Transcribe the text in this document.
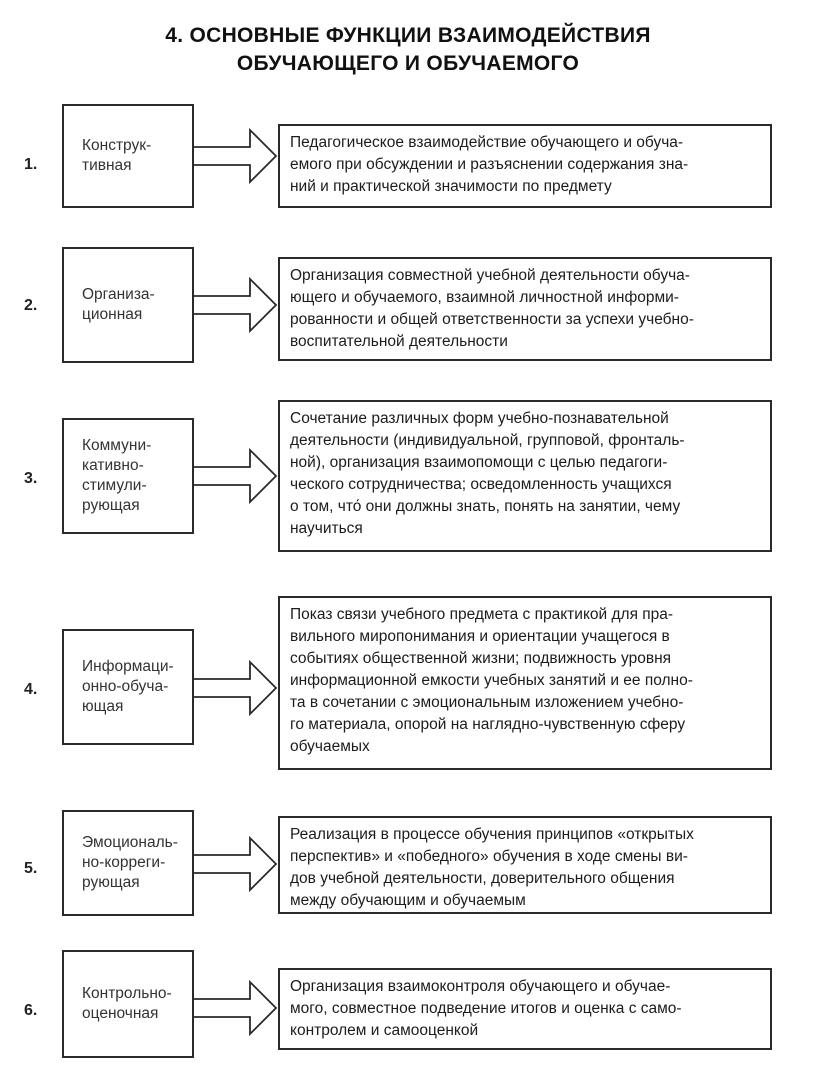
4. ОСНОВНЫЕ ФУНКЦИИ ВЗАИМОДЕЙСТВИЯ
ОБУЧАЮЩЕГО И ОБУЧАЕМОГО
1.
Конструк-
тивная
Педагогическое взаимодействие обучающего и обуча-
емого при обсуждении и разъяснении содержания зна-
ний и практической значимости по предмету
2.
Организа-
ционная
Организация совместной учебной деятельности обуча-
ющего и обучаемого, взаимной личностной информи-
рованности и общей ответственности за успехи учебно-
воспитательной деятельности
3.
Коммуни-
кативно-
стимули-
рующая
Сочетание различных форм учебно-познавательной
деятельности (индивидуальной, групповой, фронталь-
ной), организация взаимопомощи с целью педагоги-
ческого сотрудничества; осведомленность учащихся
о том, что́ они должны знать, понять на занятии, чему
научиться
4.
Информаци-
онно-обуча-
ющая
Показ связи учебного предмета с практикой для пра-
вильного миропонимания и ориентации учащегося в
событиях общественной жизни; подвижность уровня
информационной емкости учебных занятий и ее полно-
та в сочетании с эмоциональным изложением учебно-
го материала, опорой на наглядно-чувственную сферу
обучаемых
5.
Эмоциональ-
но-корреги-
рующая
Реализация в процессе обучения принципов «открытых
перспектив» и «победного» обучения в ходе смены ви-
дов учебной деятельности, доверительного общения
между обучающим и обучаемым
6.
Контрольно-
оценочная
Организация взаимоконтроля обучающего и обучае-
мого, совместное подведение итогов и оценка с само-
контролем и самооценкой
